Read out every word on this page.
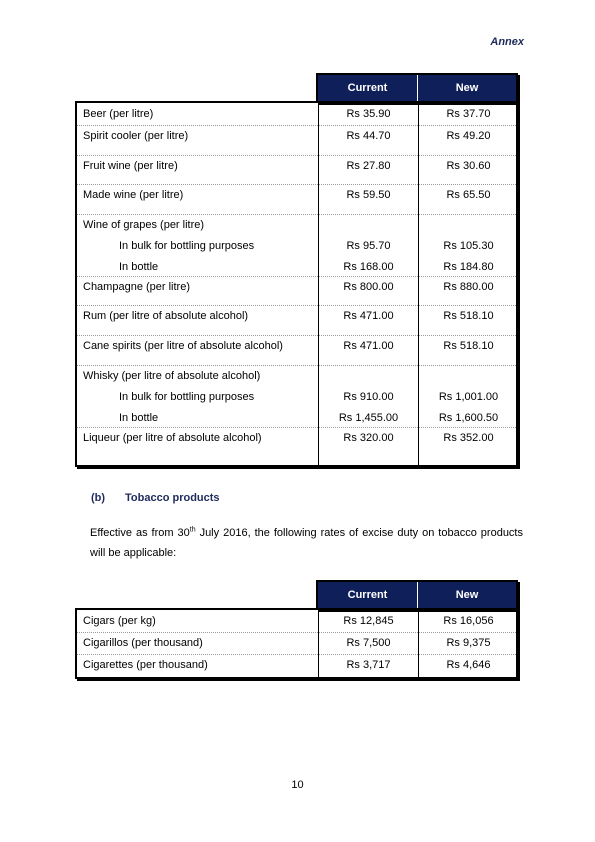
Annex
Current	New
Beer (per litre)	Rs 35.90	Rs 37.70
Spirit cooler (per litre)	Rs 44.70	Rs 49.20
Fruit wine (per litre)	Rs 27.80	Rs 30.60
Made wine (per litre)	Rs 59.50	Rs 65.50
Wine of grapes (per litre)
In bulk for bottling purposes	Rs 95.70	Rs 105.30
In bottle	Rs 168.00	Rs 184.80
Champagne (per litre)	Rs 800.00	Rs 880.00
Rum (per litre of absolute alcohol)	Rs 471.00	Rs 518.10
Cane spirits (per litre of absolute alcohol)	Rs 471.00	Rs 518.10
Whisky (per litre of absolute alcohol)
In bulk for bottling purposes	Rs 910.00	Rs 1,001.00
In bottle	Rs 1,455.00	Rs 1,600.50
Liqueur (per litre of absolute alcohol)	Rs 320.00	Rs 352.00
(b) Tobacco products
Effective as from 30th July 2016, the following rates of excise duty on tobacco products will be applicable:
Current	New
Cigars (per kg)	Rs 12,845	Rs 16,056
Cigarillos (per thousand)	Rs 7,500	Rs 9,375
Cigarettes (per thousand)	Rs 3,717	Rs 4,646
10
